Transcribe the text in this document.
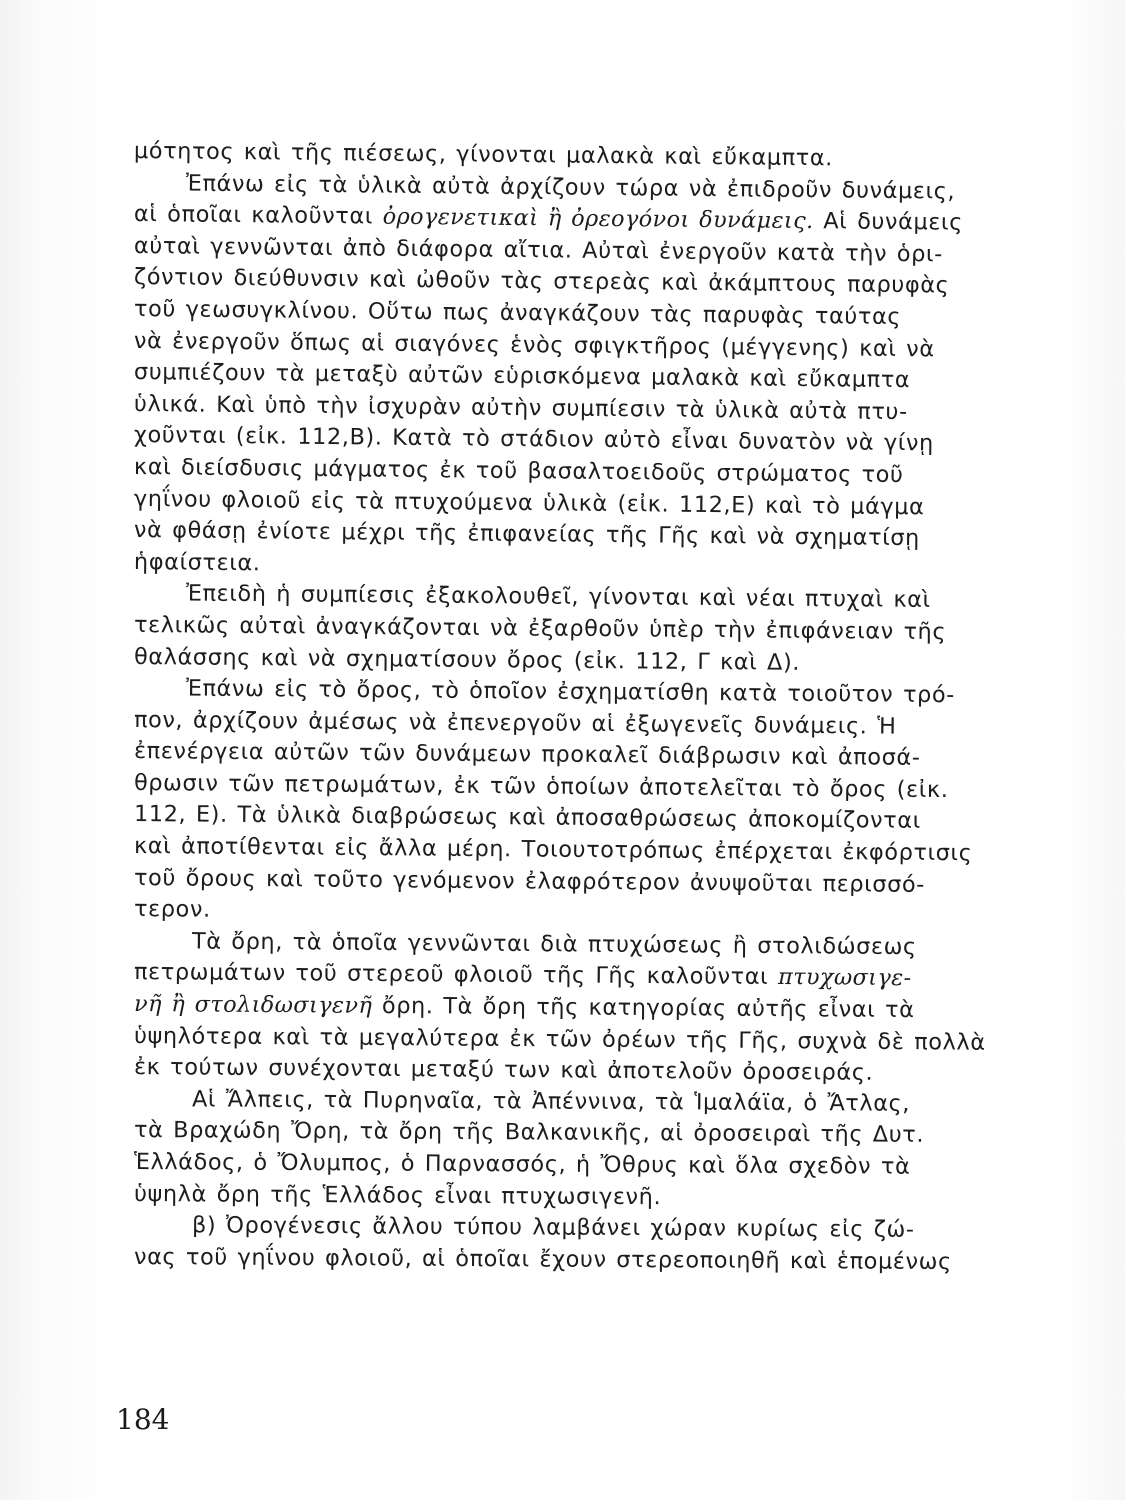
μότητος καὶ τῆς πιέσεως, γίνονται μαλακὰ καὶ εὔκαμπτα.
Ἐπάνω εἰς τὰ ὑλικὰ αὐτὰ ἀρχίζουν τώρα νὰ ἐπιδροῦν δυνάμεις,
αἱ ὁποῖαι καλοῦνται ὀρογενετικαὶ ἢ ὀρεογόνοι δυνάμεις. Αἱ δυνάμεις
αὐταὶ γεννῶνται ἀπὸ διάφορα αἴτια. Αὐταὶ ἐνεργοῦν κατὰ τὴν ὁρι-
ζόντιον διεύθυνσιν καὶ ὠθοῦν τὰς στερεὰς καὶ ἀκάμπτους παρυφὰς
τοῦ γεωσυγκλίνου. Οὕτω πως ἀναγκάζουν τὰς παρυφὰς ταύτας
νὰ ἐνεργοῦν ὅπως αἱ σιαγόνες ἑνὸς σφιγκτῆρος (μέγγενης) καὶ νὰ
συμπιέζουν τὰ μεταξὺ αὐτῶν εὑρισκόμενα μαλακὰ καὶ εὔκαμπτα
ὑλικά. Καὶ ὑπὸ τὴν ἰσχυρὰν αὐτὴν συμπίεσιν τὰ ὑλικὰ αὐτὰ πτυ-
χοῦνται (εἰκ. 112,Β). Κατὰ τὸ στάδιον αὐτὸ εἶναι δυνατὸν νὰ γίνῃ
καὶ διείσδυσις μάγματος ἐκ τοῦ βασαλτοειδοῦς στρώματος τοῦ
γηΐνου φλοιοῦ εἰς τὰ πτυχούμενα ὑλικὰ (εἰκ. 112,Ε) καὶ τὸ μάγμα
νὰ φθάσῃ ἐνίοτε μέχρι τῆς ἐπιφανείας τῆς Γῆς καὶ νὰ σχηματίσῃ
ἡφαίστεια.
Ἐπειδὴ ἡ συμπίεσις ἐξακολουθεῖ, γίνονται καὶ νέαι πτυχαὶ καὶ
τελικῶς αὐταὶ ἀναγκάζονται νὰ ἐξαρθοῦν ὑπὲρ τὴν ἐπιφάνειαν τῆς
θαλάσσης καὶ νὰ σχηματίσουν ὄρος (εἰκ. 112, Γ καὶ Δ).
Ἐπάνω εἰς τὸ ὄρος, τὸ ὁποῖον ἐσχηματίσθη κατὰ τοιοῦτον τρό-
πον, ἀρχίζουν ἀμέσως νὰ ἐπενεργοῦν αἱ ἐξωγενεῖς δυνάμεις. Ἡ
ἐπενέργεια αὐτῶν τῶν δυνάμεων προκαλεῖ διάβρωσιν καὶ ἀποσά-
θρωσιν τῶν πετρωμάτων, ἐκ τῶν ὁποίων ἀποτελεῖται τὸ ὄρος (εἰκ.
112, Ε). Τὰ ὑλικὰ διαβρώσεως καὶ ἀποσαθρώσεως ἀποκομίζονται
καὶ ἀποτίθενται εἰς ἄλλα μέρη. Τοιουτοτρόπως ἐπέρχεται ἐκφόρτισις
τοῦ ὄρους καὶ τοῦτο γενόμενον ἐλαφρότερον ἀνυψοῦται περισσό-
τερον.
Τὰ ὄρη, τὰ ὁποῖα γεννῶνται διὰ πτυχώσεως ἢ στολιδώσεως
πετρωμάτων τοῦ στερεοῦ φλοιοῦ τῆς Γῆς καλοῦνται πτυχωσιγε-
νῆ ἢ στολιδωσιγενῆ ὄρη. Τὰ ὄρη τῆς κατηγορίας αὐτῆς εἶναι τὰ
ὑψηλότερα καὶ τὰ μεγαλύτερα ἐκ τῶν ὀρέων τῆς Γῆς, συχνὰ δὲ πολλὰ
ἐκ τούτων συνέχονται μεταξύ των καὶ ἀποτελοῦν ὀροσειράς.
Αἱ Ἄλπεις, τὰ Πυρηναῖα, τὰ Ἀπέννινα, τὰ Ἱμαλάϊα, ὁ Ἄτλας,
τὰ Βραχώδη Ὄρη, τὰ ὄρη τῆς Βαλκανικῆς, αἱ ὀροσειραὶ τῆς Δυτ.
Ἑλλάδος, ὁ Ὄλυμπος, ὁ Παρνασσός, ἡ Ὄθρυς καὶ ὅλα σχεδὸν τὰ
ὑψηλὰ ὄρη τῆς Ἑλλάδος εἶναι πτυχωσιγενῆ.
β) Ὀρογένεσις ἄλλου τύπου λαμβάνει χώραν κυρίως εἰς ζώ-
νας τοῦ γηΐνου φλοιοῦ, αἱ ὁποῖαι ἔχουν στερεοποιηθῆ καὶ ἑπομένως
184
